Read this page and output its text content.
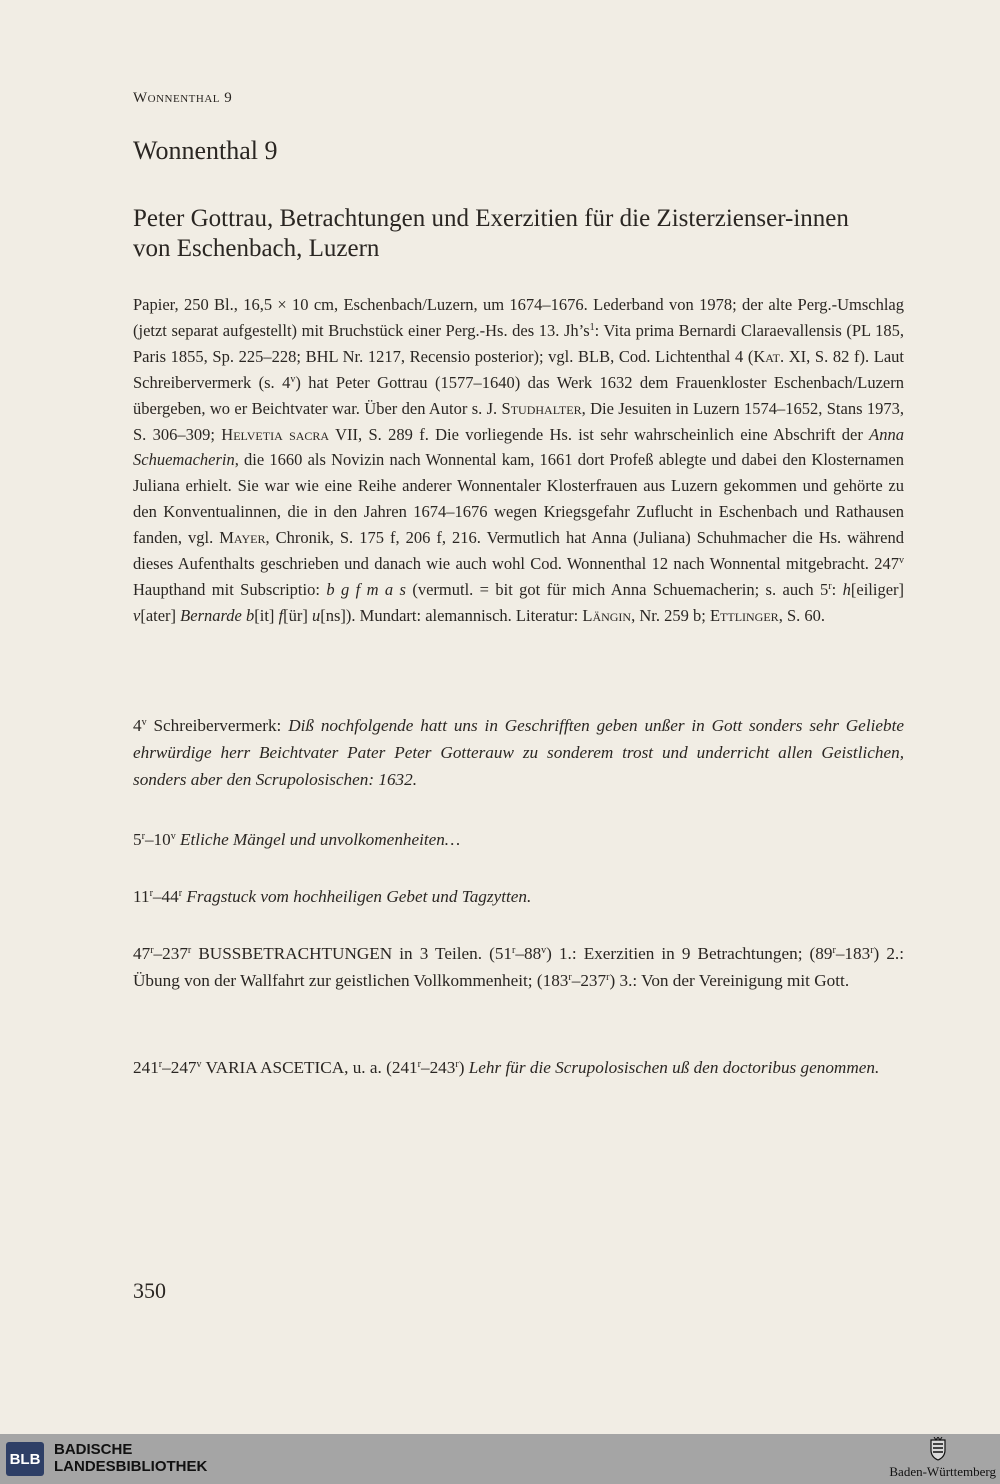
Wonnenthal 9
Wonnenthal 9
Peter Gottrau, Betrachtungen und Exerzitien für die Zisterzienser-innen von Eschenbach, Luzern

Papier, 250 Bl., 16,5 × 10 cm, Eschenbach/Luzern, um 1674–1676. Lederband von 1978; der alte Perg.-Umschlag (jetzt separat aufgestellt) mit Bruchstück einer Perg.-Hs. des 13. $Jh’s^1$: Vita prima Bernardi Claraevallensis (PL 185, Paris 1855, Sp. 225–228; BHL Nr. 1217, Recensio posterior); vgl. BLB, Cod. Lichtenthal 4 (Kat. XI, S. 82 f). Laut Schreibervermerk (s. 4$^v$) hat Peter Gottrau (1577–1640) das Werk 1632 dem Frauenkloster Eschenbach/Luzern übergeben, wo er Beichtvater war. Über den Autor s. J. Studhalter, Die Jesuiten in Luzern 1574–1652, Stans 1973, S. 306–309; Helvetia sacra VII, S. 289 f. Die vorliegende Hs. ist sehr wahrscheinlich eine Abschrift der Anna Schuemacherin, die 1660 als Novizin nach Wonnental kam, 1661 dort Profeß ablegte und dabei den Klosternamen Juliana erhielt. Sie war wie eine Reihe anderer Wonnentaler Klosterfrauen aus Luzern gekommen und gehörte zu den Konventualinnen, die in den Jahren 1674–1676 wegen Kriegsgefahr Zuflucht in Eschenbach und Rathausen fanden, vgl. Mayer, Chronik, S. 175 f, 206 f, 216. Vermutlich hat Anna (Juliana) Schuhmacher die Hs. während dieses Aufenthalts geschrieben und danach wie auch wohl Cod. Wonnenthal 12 nach Wonnental mitgebracht. 247$^v$ Haupthand mit Subscriptio: b g f m a s (vermutl. = bit got für mich Anna Schuemacherin; s. auch 5$^r$: h[eiliger] v[ater] Bernarde b[it] f[ür] u[ns]). Mundart: alemannisch. Literatur: Längin, Nr. 259 b; Ettlinger, S. 60.

4$^v$ Schreibervermerk: Diß nochfolgende hatt uns in Geschrifften geben unßer in Gott sonders sehr Geliebte ehrwürdige herr Beichtvater Pater Peter Gotterauw zu sonderem trost und underricht allen Geistlichen, sonders aber den Scrupolosischen: 1632.

5$^r$–10$^v$ Etliche Mängel und unvolkomenheiten…

11$^r$–44$^r$ Fragstuck vom hochheiligen Gebet und Tagzytten.

47$^r$–237$^r$ BUSSBETRACHTUNGEN in 3 Teilen. (51$^r$–88$^v$) 1.: Exerzitien in 9 Betrachtungen; (89$^r$–183$^r$) 2.: Übung von der Wallfahrt zur geistlichen Vollkommenheit; (183$^r$–237$^r$) 3.: Von der Vereinigung mit Gott.

241$^r$–247$^v$ VARIA ASCETICA, u. a. (241$^r$–243$^r$) Lehr für die Scrupolosischen uß den doctoribus genommen.

350
BLB
BADISCHE
LANDESBIBLIOTHEK	Baden-Württemberg
